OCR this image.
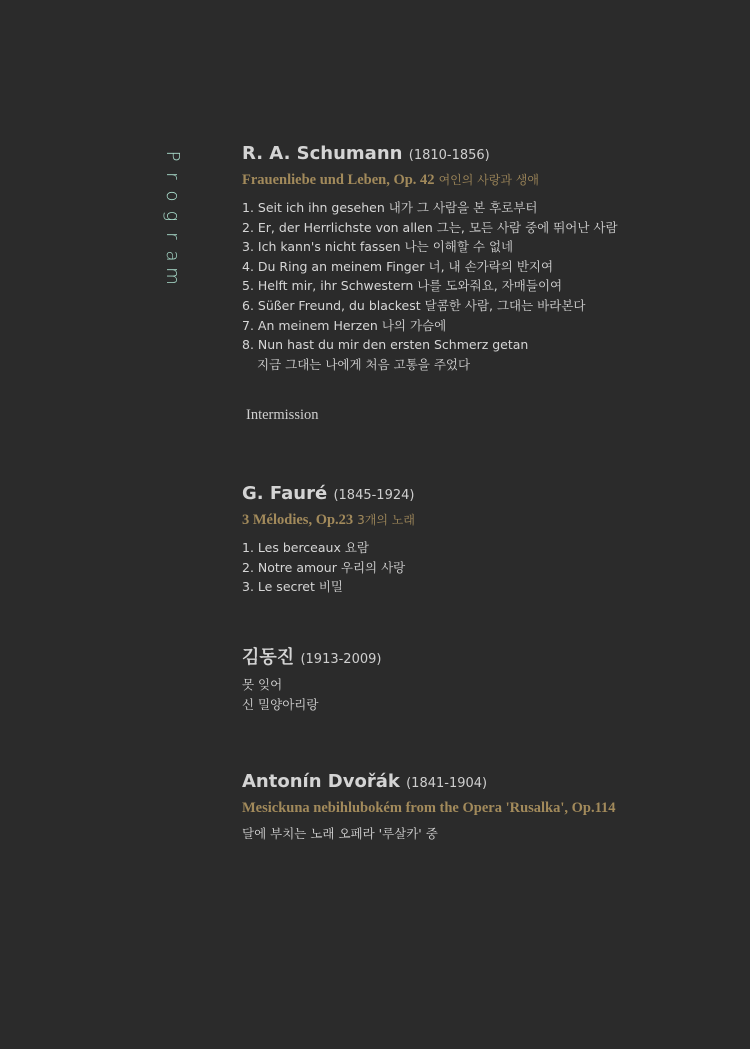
P
r
o
g
r
a
m
R. A. Schumann (1810-1856)
Frauenliebe und Leben, Op. 42 여인의 사랑과 생애
1. Seit ich ihn gesehen 내가 그 사람을 본 후로부터
2. Er, der Herrlichste von allen 그는, 모든 사람 중에 뛰어난 사람
3. Ich kann's nicht fassen 나는 이해할 수 없네
4. Du Ring an meinem Finger 너, 내 손가락의 반지여
5. Helft mir, ihr Schwestern 나를 도와줘요, 자매들이여
6. Süßer Freund, du blackest 달콤한 사람, 그대는 바라본다
7. An meinem Herzen 나의 가슴에
8. Nun hast du mir den ersten Schmerz getan
지금 그대는 나에게 처음 고통을 주었다
Intermission
G. Fauré (1845-1924)
3 Mélodies, Op.23 3개의 노래
1. Les berceaux 요람
2. Notre amour 우리의 사랑
3. Le secret 비밀
김동진 (1913-2009)
못 잊어
신 밀양아리랑
Antonín Dvořák (1841-1904)
Mesickuna nebihlubokém from the Opera 'Rusalka', Op.114
달에 부치는 노래 오페라 '루살카' 중
